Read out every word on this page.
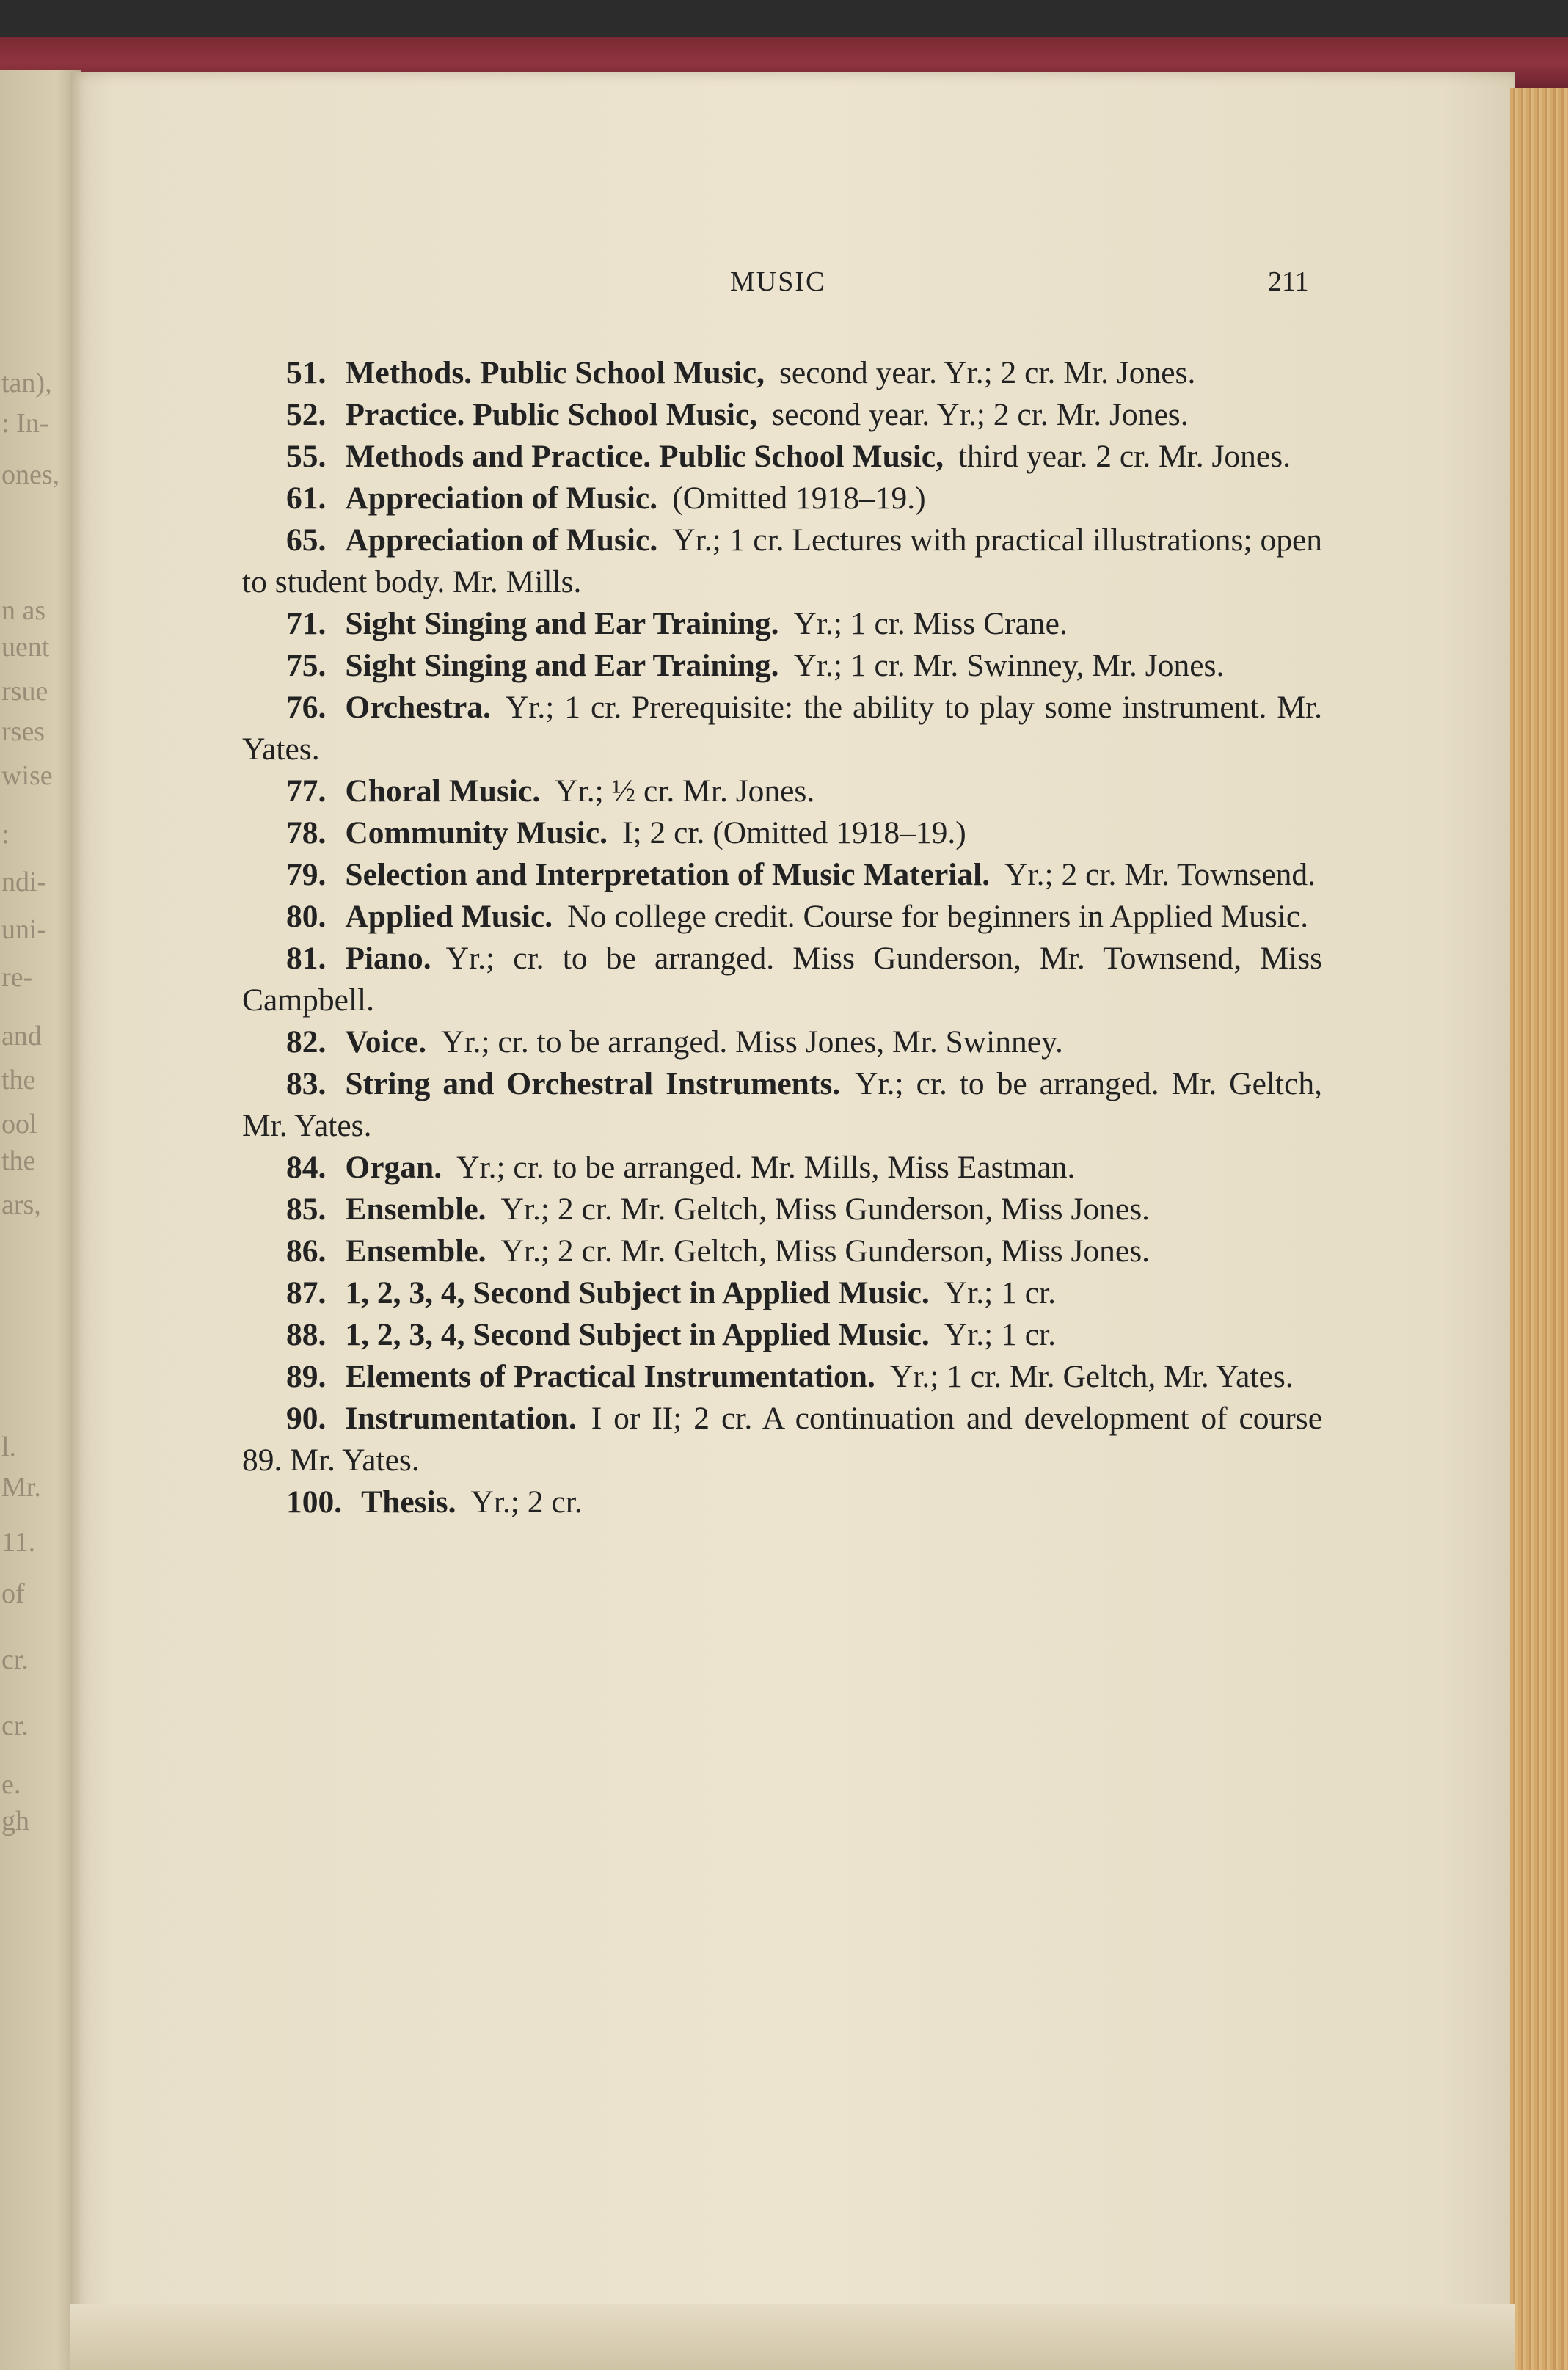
tan),
: In-
ones,
n as
uent
rsue
rses
wise
:
ndi-
uni-
re-
and
the
ool
the
ars,
l.
Mr.
11.
of
cr.
cr.
e.
gh
MUSIC	211

51. Methods. Public School Music, second year. Yr.; 2 cr. Mr. Jones.

52. Practice. Public School Music, second year. Yr.; 2 cr. Mr. Jones.

55. Methods and Practice. Public School Music, third year. 2 cr. Mr. Jones.

61. Appreciation of Music. (Omitted 1918–19.)

65. Appreciation of Music. Yr.; 1 cr. Lectures with practical illustrations; open to student body. Mr. Mills.

71. Sight Singing and Ear Training. Yr.; 1 cr. Miss Crane.

75. Sight Singing and Ear Training. Yr.; 1 cr. Mr. Swinney, Mr. Jones.

76. Orchestra. Yr.; 1 cr. Prerequisite: the ability to play some instrument. Mr. Yates.

77. Choral Music. Yr.; ½ cr. Mr. Jones.

78. Community Music. I; 2 cr. (Omitted 1918–19.)

79. Selection and Interpretation of Music Material. Yr.; 2 cr. Mr. Townsend.

80. Applied Music. No college credit. Course for beginners in Applied Music.

81. Piano. Yr.; cr. to be arranged. Miss Gunderson, Mr. Townsend, Miss Campbell.

82. Voice. Yr.; cr. to be arranged. Miss Jones, Mr. Swinney.

83. String and Orchestral Instruments. Yr.; cr. to be arranged. Mr. Geltch, Mr. Yates.

84. Organ. Yr.; cr. to be arranged. Mr. Mills, Miss Eastman.

85. Ensemble. Yr.; 2 cr. Mr. Geltch, Miss Gunderson, Miss Jones.

86. Ensemble. Yr.; 2 cr. Mr. Geltch, Miss Gunderson, Miss Jones.

87. 1, 2, 3, 4, Second Subject in Applied Music. Yr.; 1 cr.

88. 1, 2, 3, 4, Second Subject in Applied Music. Yr.; 1 cr.

89. Elements of Practical Instrumentation. Yr.; 1 cr. Mr. Geltch, Mr. Yates.

90. Instrumentation. I or II; 2 cr. A continuation and development of course 89. Mr. Yates.

100. Thesis. Yr.; 2 cr.
